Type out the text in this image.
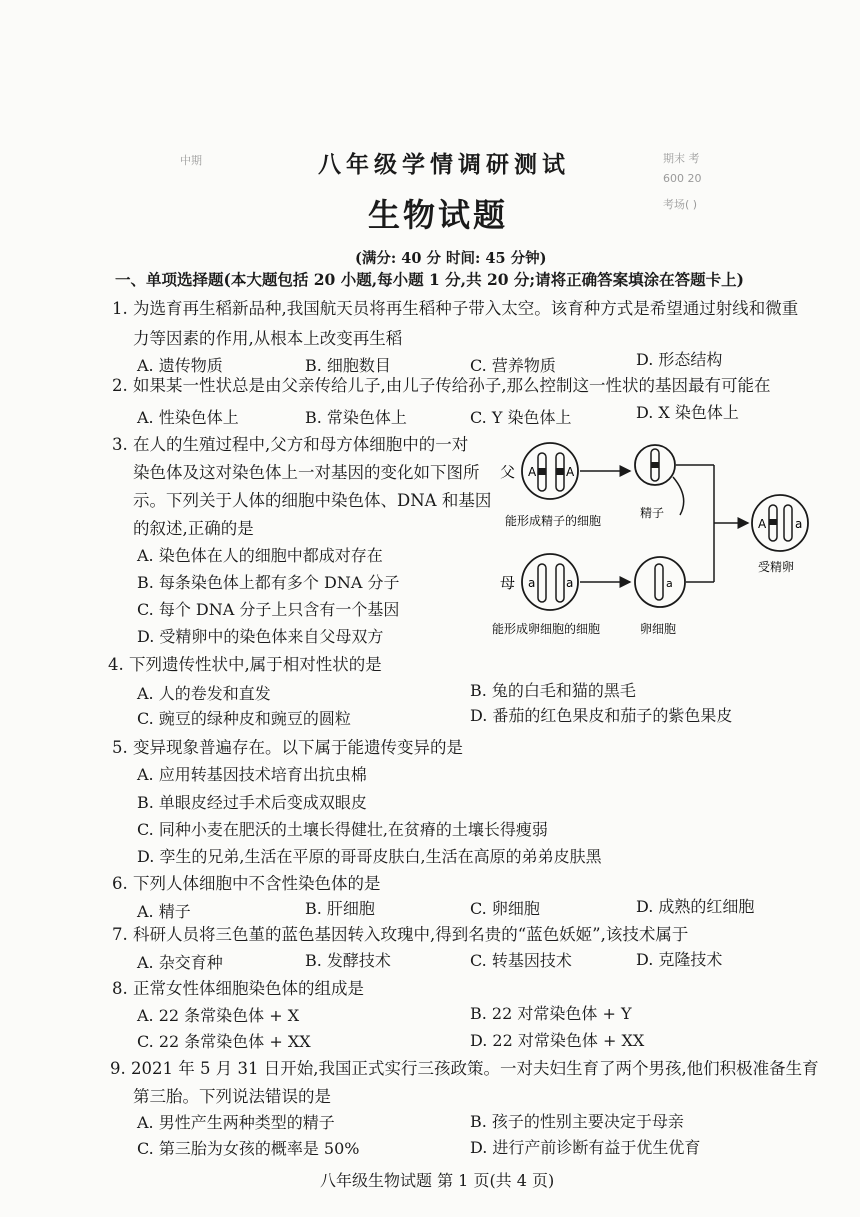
中期	期末 考
600 20
考场( )
八年级学情调研测试
生物试题
(满分: 40 分 时间: 45 分钟)
一、单项选择题(本大题包括 20 小题,每小题 1 分,共 20 分;请将正确答案填涂在答题卡上)
1. 为选育再生稻新品种,我国航天员将再生稻种子带入太空。该育种方式是希望通过射线和微重
力等因素的作用,从根本上改变再生稻
A. 遗传物质	B. 细胞数目	C. 营养物质	D. 形态结构
2. 如果某一性状总是由父亲传给儿子,由儿子传给孙子,那么控制这一性状的基因最有可能在
A. 性染色体上	B. 常染色体上	C. Y 染色体上	D. X 染色体上
3. 在人的生殖过程中,父方和母方体细胞中的一对
染色体及这对染色体上一对基因的变化如下图所
示。下列关于人体的细胞中染色体、DNA 和基因
的叙述,正确的是
A. 染色体在人的细胞中都成对存在
B. 每条染色体上都有多个 DNA 分子
C. 每个 DNA 分子上只含有一个基因
D. 受精卵中的染色体来自父母双方
父 A A
能形成精子的细胞
精子
母 a	a
能形成卵细胞的细胞
a
卵细胞
A a
受精卵
4. 下列遗传性状中,属于相对性状的是
A. 人的卷发和直发	B. 兔的白毛和猫的黑毛
C. 豌豆的绿种皮和豌豆的圆粒	D. 番茄的红色果皮和茄子的紫色果皮
5. 变异现象普遍存在。以下属于能遗传变异的是
A. 应用转基因技术培育出抗虫棉
B. 单眼皮经过手术后变成双眼皮
C. 同种小麦在肥沃的土壤长得健壮,在贫瘠的土壤长得瘦弱
D. 孪生的兄弟,生活在平原的哥哥皮肤白,生活在高原的弟弟皮肤黑
6. 下列人体细胞中不含性染色体的是
A. 精子	B. 肝细胞	C. 卵细胞	D. 成熟的红细胞
7. 科研人员将三色堇的蓝色基因转入玫瑰中,得到名贵的“蓝色妖姬”,该技术属于
A. 杂交育种	B. 发酵技术	C. 转基因技术	D. 克隆技术
8. 正常女性体细胞染色体的组成是
A. 22 条常染色体 + X	B. 22 对常染色体 + Y
C. 22 条常染色体 + XX	D. 22 对常染色体 + XX
9. 2021 年 5 月 31 日开始,我国正式实行三孩政策。一对夫妇生育了两个男孩,他们积极准备生育
第三胎。下列说法错误的是
A. 男性产生两种类型的精子	B. 孩子的性别主要决定于母亲
C. 第三胎为女孩的概率是 50%	D. 进行产前诊断有益于优生优育
八年级生物试题 第 1 页(共 4 页)
